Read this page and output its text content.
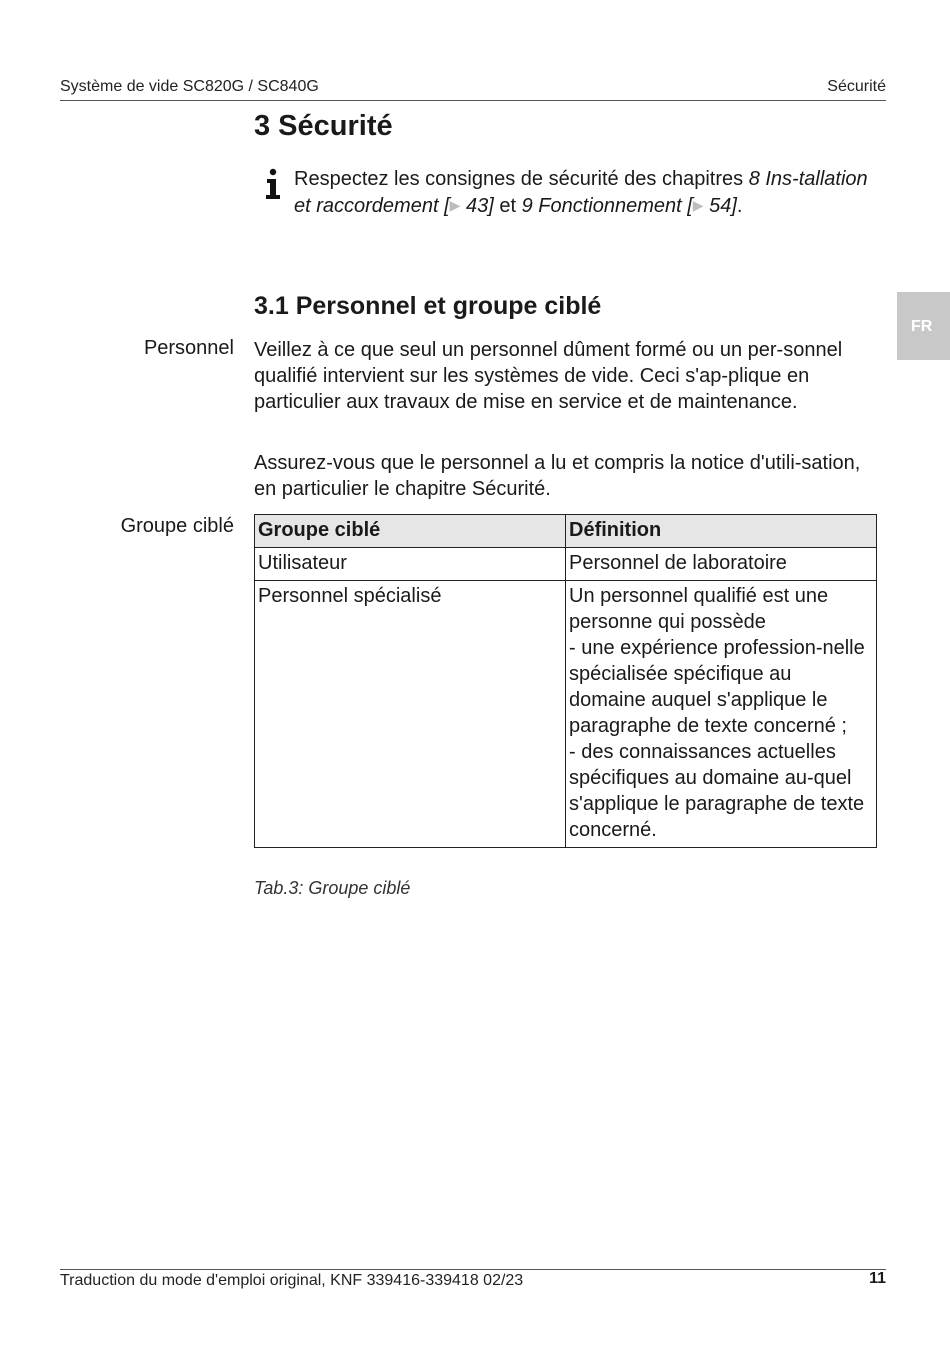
Système de vide SC820G / SC840G	Sécurité
FR
3 Sécurité
Respectez les consignes de sécurité des chapitres 8 Ins-tallation et raccordement [▶ 43] et 9 Fonctionnement [▶ 54].
3.1 Personnel et groupe ciblé
Personnel Veillez à ce que seul un personnel dûment formé ou un per-sonnel qualifié intervient sur les systèmes de vide. Ceci s'ap-plique en particulier aux travaux de mise en service et de maintenance.

Assurez-vous que le personnel a lu et compris la notice d'utili-sation, en particulier le chapitre Sécurité.

Groupe ciblé Groupe ciblé	Définition
Utilisateur	Personnel de laboratoire
Personnel spécialisé	Un personnel qualifié est une personne qui possède
- une expérience profession-nelle spécialisée spécifique au domaine auquel s'applique le paragraphe de texte concerné ;
- des connaissances actuelles spécifiques au domaine au-quel s'applique le paragraphe de texte concerné.
Tab.3: Groupe ciblé
Traduction du mode d'emploi original, KNF 339416-339418 02/23	11
